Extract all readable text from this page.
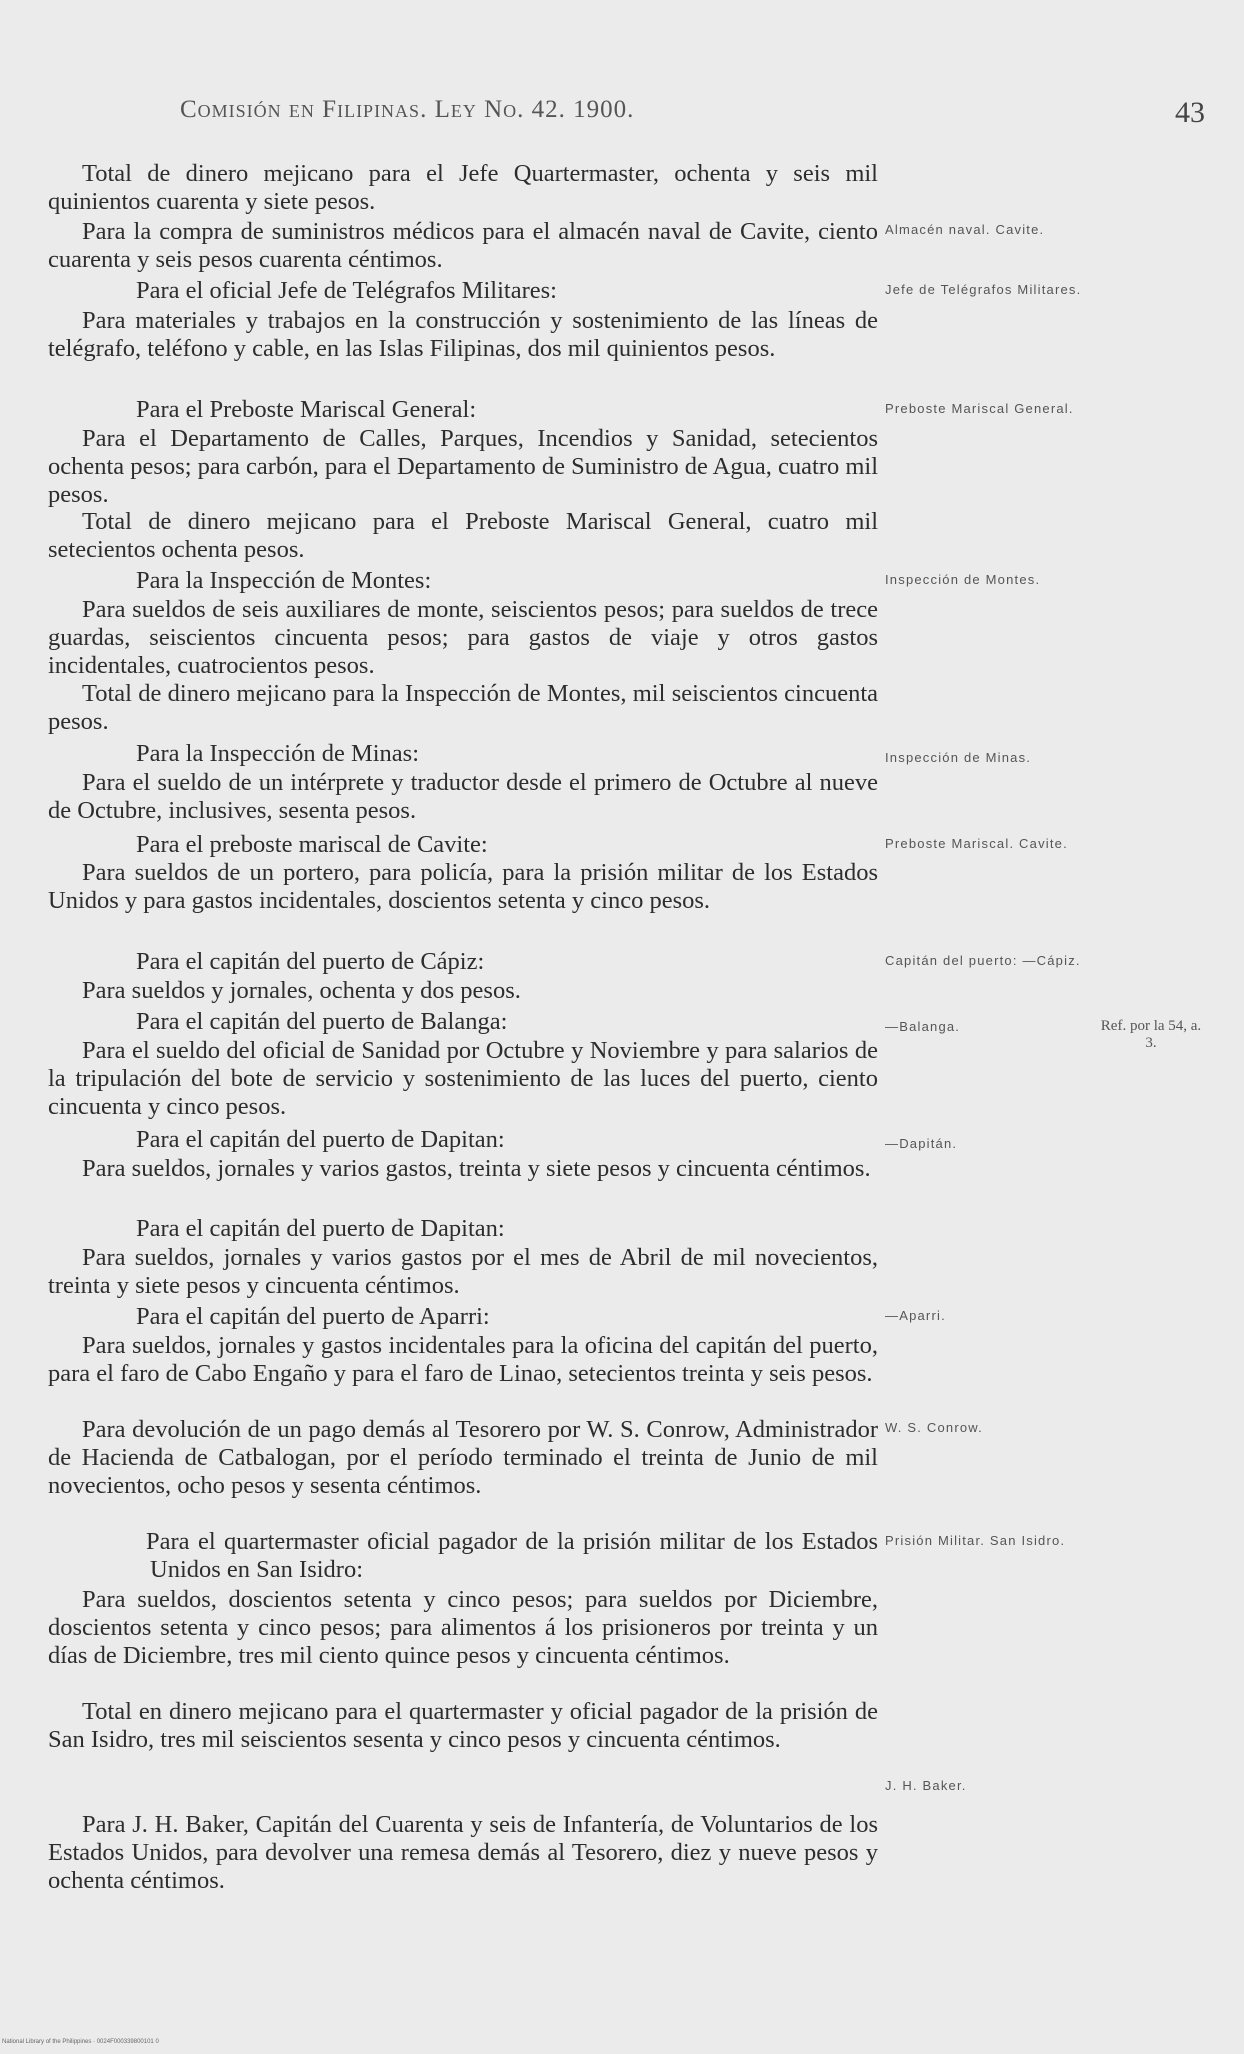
Comisión en Filipinas. Ley No. 42. 1900.	43

Total de dinero mejicano para el Jefe Quartermaster, ochenta y seis mil quinientos cuarenta y siete pesos.

Para la compra de suministros médicos para el almacén naval de Cavite, ciento cuarenta y seis pesos cuarenta céntimos.

Para el oficial Jefe de Telégrafos Militares:

Para materiales y trabajos en la construcción y sostenimiento de las líneas de telégrafo, teléfono y cable, en las Islas Filipinas, dos mil quinientos pesos.

Para el Preboste Mariscal General:

Para el Departamento de Calles, Parques, Incendios y Sanidad, setecientos ochenta pesos; para carbón, para el Departamento de Suministro de Agua, cuatro mil pesos.

Total de dinero mejicano para el Preboste Mariscal General, cuatro mil setecientos ochenta pesos.

Para la Inspección de Montes:

Para sueldos de seis auxiliares de monte, seiscientos pesos; para sueldos de trece guardas, seiscientos cincuenta pesos; para gastos de viaje y otros gastos incidentales, cuatrocientos pesos.

Total de dinero mejicano para la Inspección de Montes, mil seiscientos cincuenta pesos.

Para la Inspección de Minas:

Para el sueldo de un intérprete y traductor desde el primero de Octubre al nueve de Octubre, inclusives, sesenta pesos.

Para el preboste mariscal de Cavite:

Para sueldos de un portero, para policía, para la prisión militar de los Estados Unidos y para gastos incidentales, doscientos setenta y cinco pesos.

Para el capitán del puerto de Cápiz:

Para sueldos y jornales, ochenta y dos pesos.

Para el capitán del puerto de Balanga:

Para el sueldo del oficial de Sanidad por Octubre y Noviembre y para salarios de la tripulación del bote de servicio y sostenimiento de las luces del puerto, ciento cincuenta y cinco pesos.

Para el capitán del puerto de Dapitan:

Para sueldos, jornales y varios gastos, treinta y siete pesos y cincuenta céntimos.

Para el capitán del puerto de Dapitan:

Para sueldos, jornales y varios gastos por el mes de Abril de mil novecientos, treinta y siete pesos y cincuenta céntimos.

Para el capitán del puerto de Aparri:

Para sueldos, jornales y gastos incidentales para la oficina del capitán del puerto, para el faro de Cabo Engaño y para el faro de Linao, setecientos treinta y seis pesos.

Para devolución de un pago demás al Tesorero por W. S. Conrow, Administrador de Hacienda de Catbalogan, por el período terminado el treinta de Junio de mil novecientos, ocho pesos y sesenta céntimos.

Para el quartermaster oficial pagador de la prisión militar de los Estados Unidos en San Isidro:

Para sueldos, doscientos setenta y cinco pesos; para sueldos por Diciembre, doscientos setenta y cinco pesos; para alimentos á los prisioneros por treinta y un días de Diciembre, tres mil ciento quince pesos y cincuenta céntimos.

Total en dinero mejicano para el quartermaster y oficial pagador de la prisión de San Isidro, tres mil seiscientos sesenta y cinco pesos y cincuenta céntimos.

Para J. H. Baker, Capitán del Cuarenta y seis de Infantería, de Voluntarios de los Estados Unidos, para devolver una remesa demás al Tesorero, diez y nueve pesos y ochenta céntimos.

Almacén naval. Cavite.
Jefe de Telégrafos Militares.
Preboste Mariscal General.
Inspección de Montes.
Inspección de Minas.
Preboste Mariscal. Cavite.
Capitán del puerto: —Cápiz.
—Balanga.
—Dapitán.
—Aparri.
W. S. Conrow.
Prisión Militar. San Isidro.
J. H. Baker.
Ref. por la 54, a. 3.
National Library of the Philippines · 0024F000339800101 0
